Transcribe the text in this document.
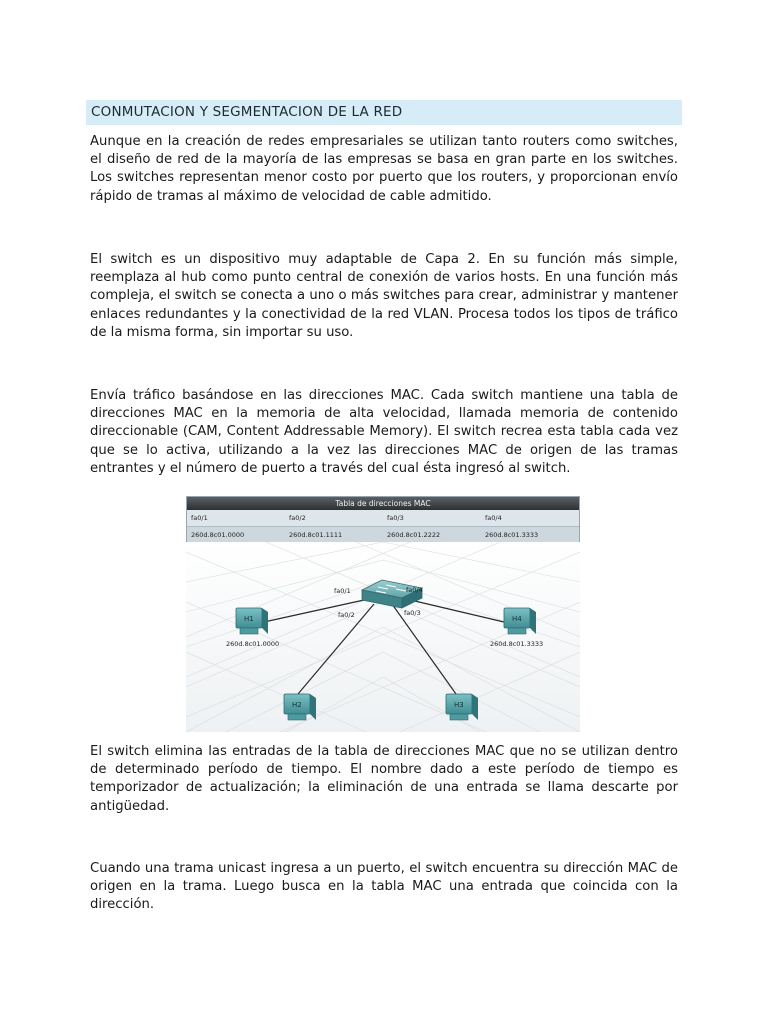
CONMUTACION Y SEGMENTACION DE LA RED

Aunque en la creación de redes empresariales se utilizan tanto routers como switches, el diseño de red de la mayoría de las empresas se basa en gran parte en los switches. Los switches representan menor costo por puerto que los routers, y proporcionan envío rápido de tramas al máximo de velocidad de cable admitido.

El switch es un dispositivo muy adaptable de Capa 2. En su función más simple, reemplaza al hub como punto central de conexión de varios hosts. En una función más compleja, el switch se conecta a uno o más switches para crear, administrar y mantener enlaces redundantes y la conectividad de la red VLAN. Procesa todos los tipos de tráfico de la misma forma, sin importar su uso.

Envía tráfico basándose en las direcciones MAC. Cada switch mantiene una tabla de direcciones MAC en la memoria de alta velocidad, llamada memoria de contenido direccionable (CAM, Content Addressable Memory). El switch recrea esta tabla cada vez que se lo activa, utilizando a la vez las direcciones MAC de origen de las tramas entrantes y el número de puerto a través del cual ésta ingresó al switch.

Tabla de direcciones MAC
fa0/1	fa0/2	fa0/3	fa0/4
260d.8c01.0000	260d.8c01.1111	260d.8c01.2222	260d.8c01.3333
fa0/1
fa0/2	fa0/3
fa0/4
H1
260d.8c01.0000
H4
260d.8c01.3333
H2	H3

El switch elimina las entradas de la tabla de direcciones MAC que no se utilizan dentro de determinado período de tiempo. El nombre dado a este período de tiempo es temporizador de actualización; la eliminación de una entrada se llama descarte por antigüedad.

Cuando una trama unicast ingresa a un puerto, el switch encuentra su dirección MAC de origen en la trama. Luego busca en la tabla MAC una entrada que coincida con la dirección.
